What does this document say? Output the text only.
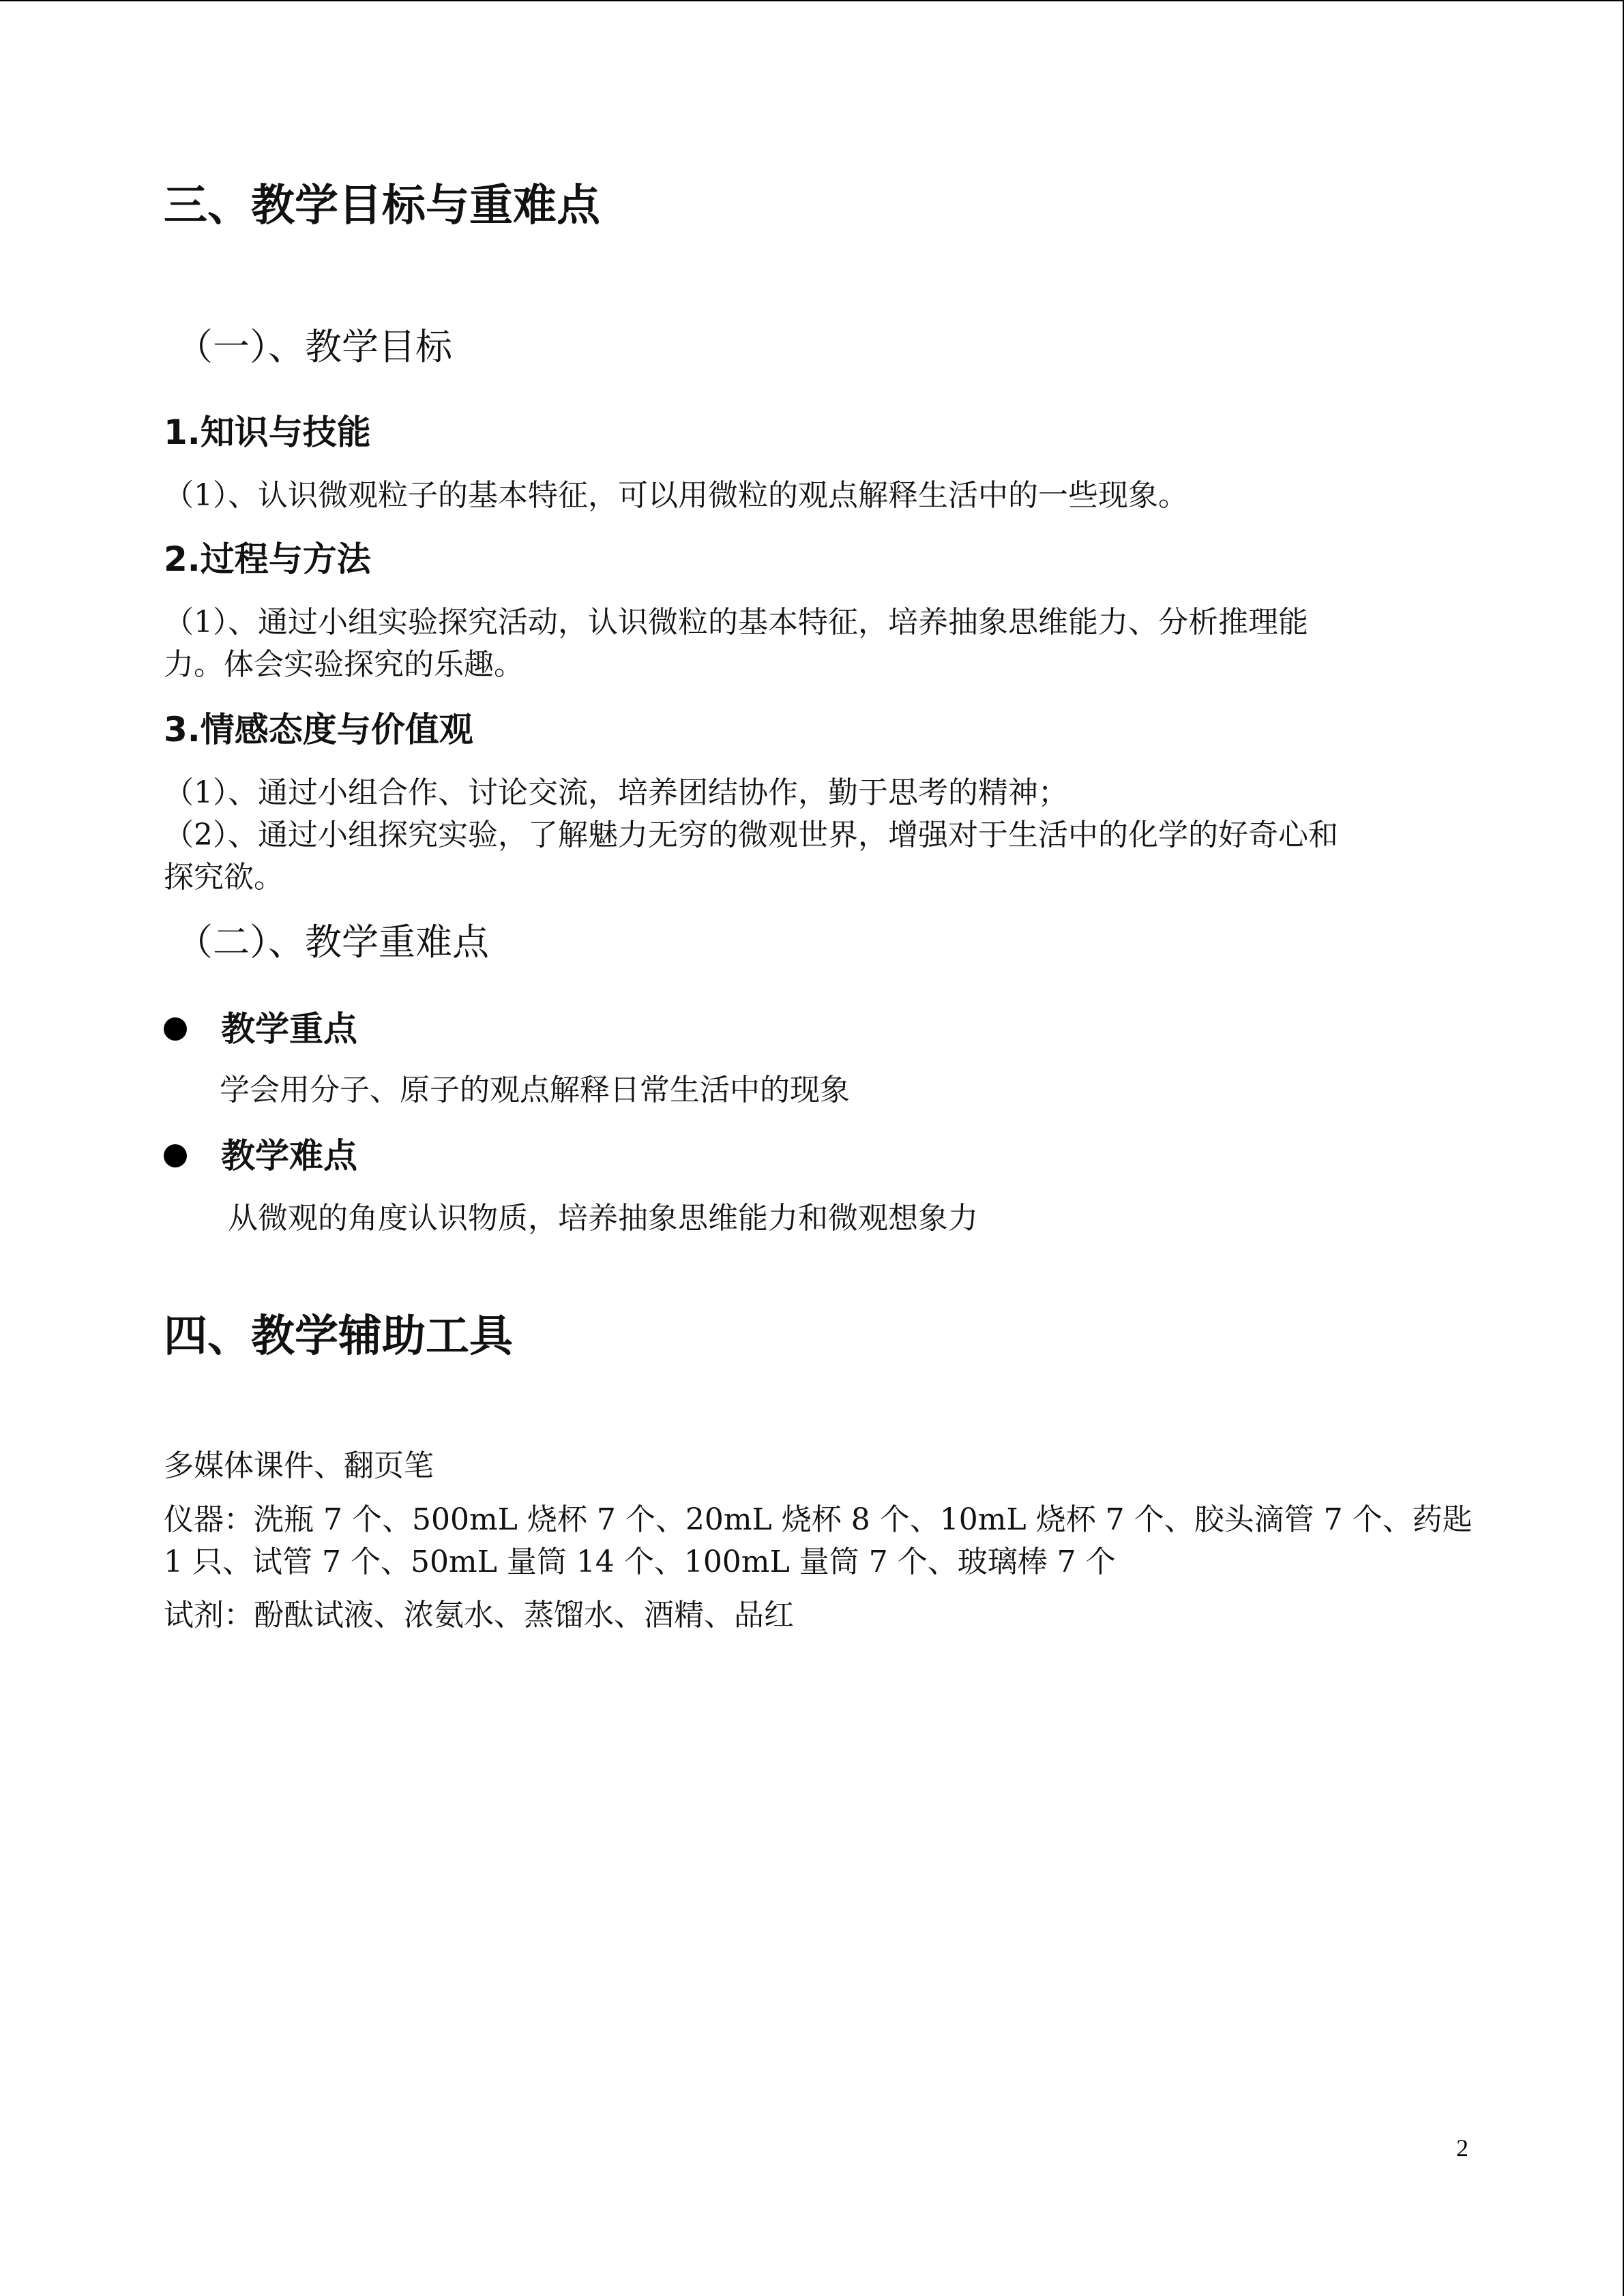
三、教学目标与重难点
（一）、教学目标
1.知识与技能
（1）、认识微观粒子的基本特征，可以用微粒的观点解释生活中的一些现象。
2.过程与方法
（1）、通过小组实验探究活动，认识微粒的基本特征，培养抽象思维能力、分析推理能
力。体会实验探究的乐趣。
3.情感态度与价值观
（1）、通过小组合作、讨论交流，培养团结协作，勤于思考的精神；
（2）、通过小组探究实验，了解魅力无穷的微观世界，增强对于生活中的化学的好奇心和
探究欲。
（二）、教学重难点
教学重点
学会用分子、原子的观点解释日常生活中的现象
教学难点
从微观的角度认识物质，培养抽象思维能力和微观想象力
四、教学辅助工具
多媒体课件、翻页笔
仪器：洗瓶 7 个、500mL 烧杯 7 个、20mL 烧杯 8 个、10mL 烧杯 7 个、胶头滴管 7 个、药匙
1 只、试管 7 个、50mL 量筒 14 个、100mL 量筒 7 个、玻璃棒 7 个
试剂：酚酞试液、浓氨水、蒸馏水、酒精、品红
2
